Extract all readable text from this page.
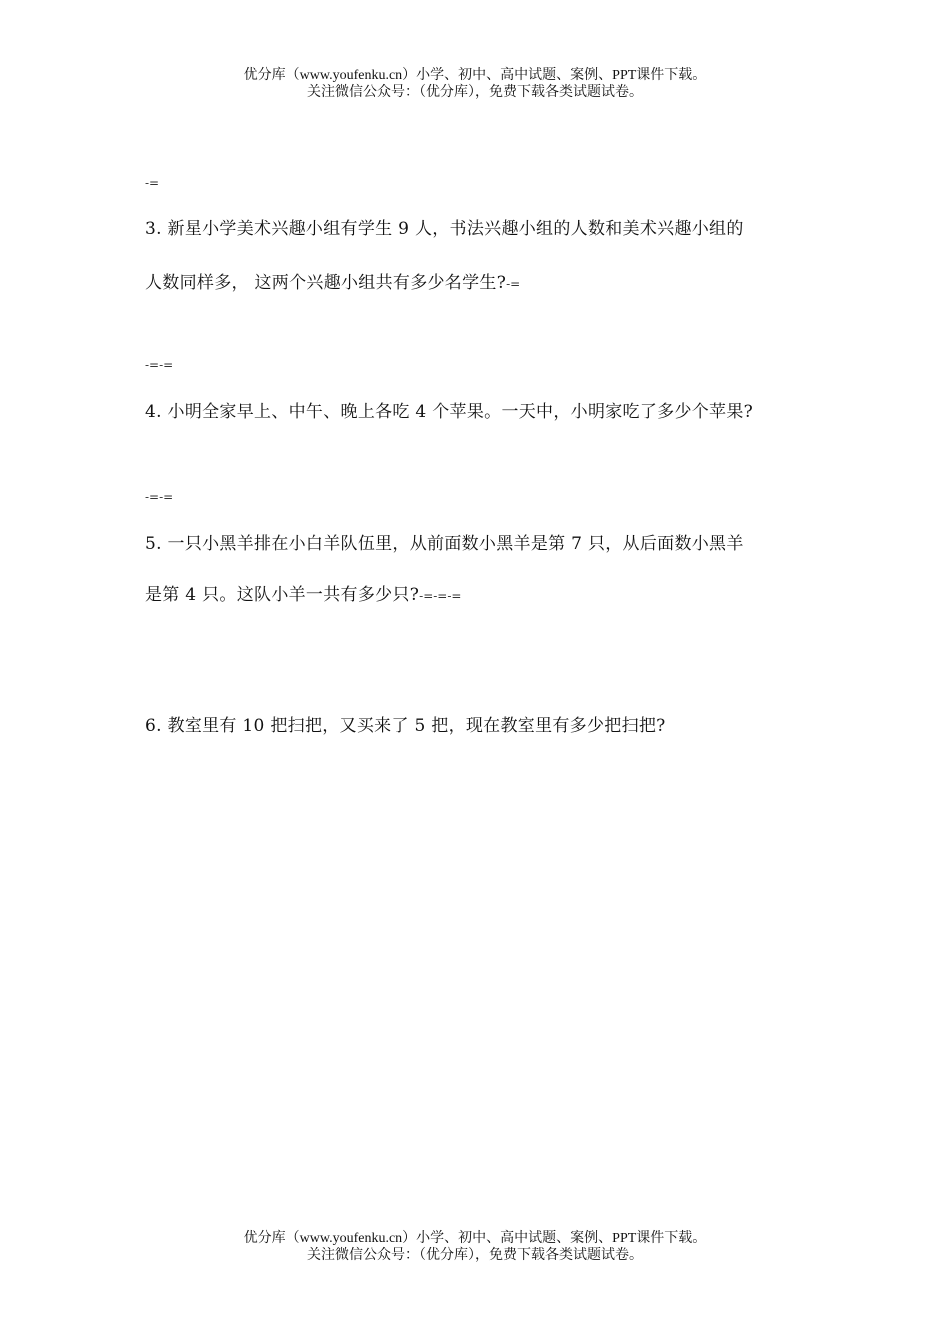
优分库（www.youfenku.cn）小学、初中、高中试题、案例、PPT课件下载。
关注微信公众号：（优分库），免费下载各类试题试卷。
-=
3. 新星小学美术兴趣小组有学生 9 人，书法兴趣小组的人数和美术兴趣小组的
人数同样多， 这两个兴趣小组共有多少名学生?-=
-=-=
4. 小明全家早上、中午、晚上各吃 4 个苹果。一天中，小明家吃了多少个苹果?
-=-=
5. 一只小黑羊排在小白羊队伍里，从前面数小黑羊是第 7 只，从后面数小黑羊
是第 4 只。这队小羊一共有多少只?-=-=-=
6. 教室里有 10 把扫把，又买来了 5 把，现在教室里有多少把扫把?
优分库（www.youfenku.cn）小学、初中、高中试题、案例、PPT课件下载。
关注微信公众号：（优分库），免费下载各类试题试卷。
